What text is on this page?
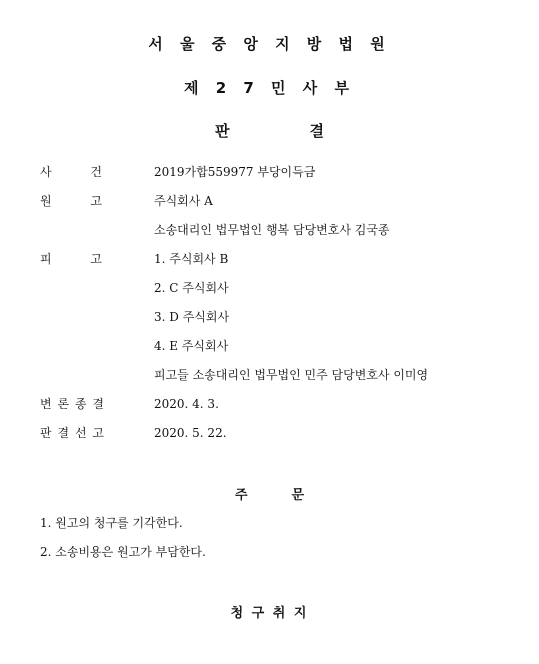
서 울 중 앙 지 방 법 원
제 2 7 민 사 부
판	결
사	건	2019가합559977 부당이득금
원	고	주식회사 A
소송대리인 법무법인 행복 담당변호사 김국종
피	고	1. 주식회사 B
2. C 주식회사
3. D 주식회사
4. E 주식회사
피고들 소송대리인 법무법인 민주 담당변호사 이미영
변 론 종 결	2020. 4. 3.
판 결 선 고	2020. 5. 22.
주	문
1. 원고의 청구를 기각한다.
2. 소송비용은 원고가 부담한다.
청 구 취 지
